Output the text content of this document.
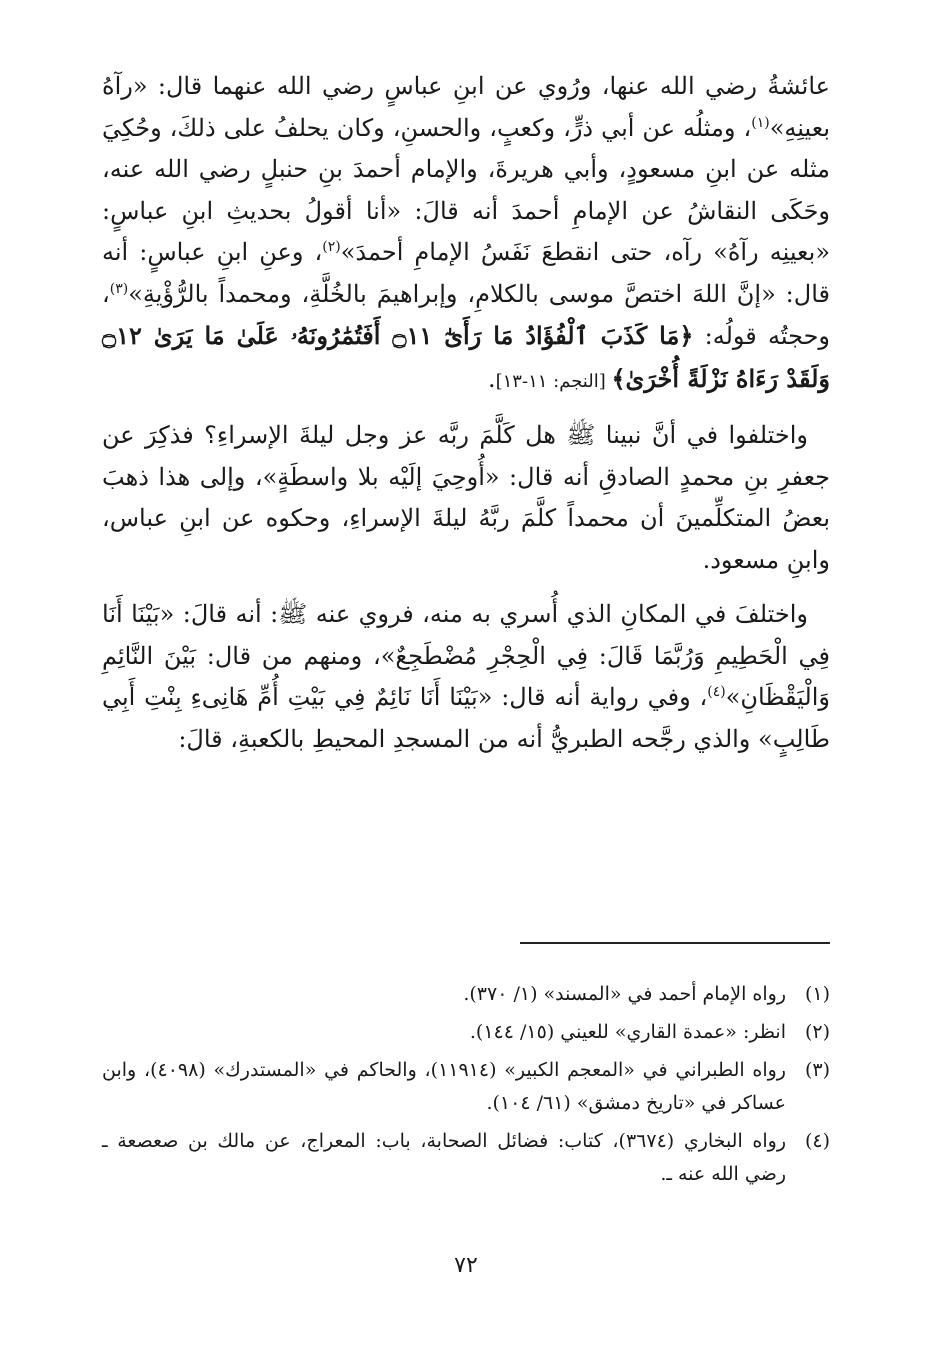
عائشةُ رضي الله عنها، ورُوي عن ابنِ عباسٍ رضي الله عنهما قال: «رآهُ بعينِهِ»$^{(١)}$، ومثلُه عن أبي ذرٍّ، وكعبٍ، والحسنِ، وكان يحلفُ على ذلكَ، وحُكِيَ مثله عن ابنِ مسعودٍ، وأبي هريرةَ، والإمام أحمدَ بنِ حنبلٍ رضي الله عنه، وحَكَى النقاشُ عن الإمامِ أحمدَ أنه قالَ: «أنا أقولُ بحديثِ ابنِ عباسٍ: «بعينِه رآهُ» رآه، حتى انقطعَ نَفَسُ الإمامِ أحمدَ»$^{(٢)}$، وعنِ ابنِ عباسٍ: أنه قال: «إنَّ اللهَ اختصَّ موسى بالكلامِ، وإبراهيمَ بالخُلَّةِ، ومحمداً بالرُّؤْيةِ»$^{(٣)}$، وحجتُه قولُه: ﴿مَا كَذَبَ ٱلْفُؤَادُ مَا رَأَىٰٓ ۝١١ أَفَتُمَٰرُونَهُۥ عَلَىٰ مَا يَرَىٰ ۝١٢ وَلَقَدْ رَءَاهُ نَزْلَةً أُخْرَىٰ﴾ [النجم: ١١-١٣].

واختلفوا في أنَّ نبينا ﷺ هل كَلَّمَ ربَّه عز وجل ليلةَ الإسراءِ؟ فذكِرَ عن جعفرِ بنِ محمدٍ الصادقِ أنه قال: «أُوحِيَ إلَيْه بلا واسطَةٍ»، وإلى هذا ذهبَ بعضُ المتكلِّمينَ أن محمداً كلَّمَ ربَّهُ ليلةَ الإسراءِ، وحكوه عن ابنِ عباس، وابنِ مسعود.

واختلفَ في المكانِ الذي أُسري به منه، فروي عنه ﷺ: أنه قالَ: «بَيْنَا أَنَا فِي الْحَطِيمِ وَرُبَّمَا قَالَ: فِي الْحِجْرِ مُضْطَجِعٌ»، ومنهم من قال: بَيْنَ النَّائِمِ وَالْيَقْظَانِ»$^{(٤)}$، وفي رواية أنه قال: «بَيْنَا أَنَا نَائِمٌ فِي بَيْتِ أُمِّ هَانِىءِ بِنْتِ أَبِي طَالِبٍ» والذي رجَّحه الطبريُّ أنه من المسجدِ المحيطِ بالكعبةِ، قالَ:

(١)
رواه الإمام أحمد في «المسند» (١/ ٣٧٠).
(٢)
انظر: «عمدة القاري» للعيني (١٥/ ١٤٤).
(٣)
رواه الطبراني في «المعجم الكبير» (١١٩١٤)، والحاكم في «المستدرك» (٤٠٩٨)، وابن عساكر في «تاريخ دمشق» (٦١/ ١٠٤).
(٤)
رواه البخاري (٣٦٧٤)، كتاب: فضائل الصحابة، باب: المعراج، عن مالك بن صعصعة ـ رضي الله عنه ـ.
٧٢
